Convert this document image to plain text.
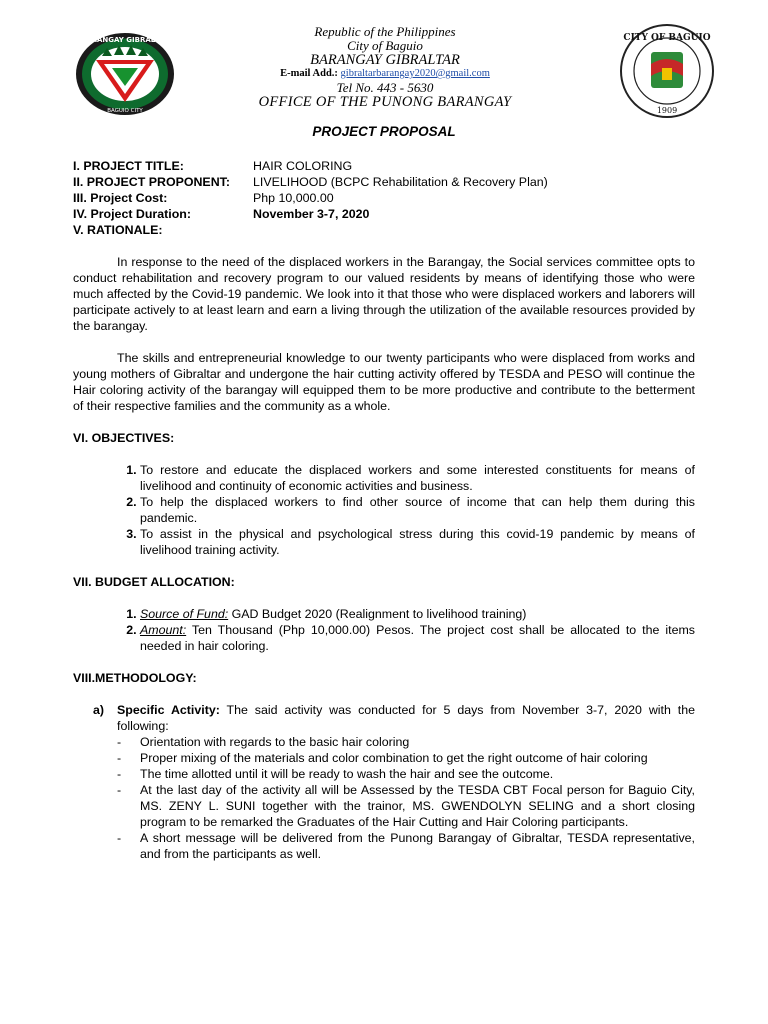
BARANGAY GIBRALTAR
BAGUIO CITY
Republic of the Philippines
City of Baguio
BARANGAY GIBRALTAR
E-mail Add.: gibraltarbarangay2020@gmail.com
Tel No. 443 - 5630
OFFICE OF THE PUNONG BARANGAY
CITY OF BAGUIO
1909
PROJECT PROPOSAL
I. PROJECT TITLE:	HAIR COLORING
II. PROJECT PROPONENT:	LIVELIHOOD (BCPC Rehabilitation & Recovery Plan)
III. Project Cost:	Php 10,000.00
IV. Project Duration:	November 3-7, 2020
V. RATIONALE:

In response to the need of the displaced workers in the Barangay, the Social services committee opts to conduct rehabilitation and recovery program to our valued residents by means of identifying those who were much affected by the Covid-19 pandemic. We look into it that those who were displaced workers and laborers will participate actively to at least learn and earn a living through the utilization of the available resources provided by the barangay.

The skills and entrepreneurial knowledge to our twenty participants who were displaced from works and young mothers of Gibraltar and undergone the hair cutting activity offered by TESDA and PESO will continue the Hair coloring activity of the barangay will equipped them to be more productive and contribute to the betterment of their respective families and the community as a whole.

VI. OBJECTIVES:

1. To restore and educate the displaced workers and some interested constituents for means of livelihood and continuity of economic activities and business.
2. To help the displaced workers to find other source of income that can help them during this pandemic.
3. To assist in the physical and psychological stress during this covid-19 pandemic by means of livelihood training activity.

VII. BUDGET ALLOCATION:

1. Source of Fund: GAD Budget 2020 (Realignment to livelihood training)
2. Amount: Ten Thousand (Php 10,000.00) Pesos. The project cost shall be allocated to the items needed in hair coloring.

VIII.METHODOLOGY:

a)	Specific Activity: The said activity was conducted for 5 days from November 3-7, 2020 with the following:
-	Orientation with regards to the basic hair coloring
-	Proper mixing of the materials and color combination to get the right outcome of hair coloring
-	The time allotted until it will be ready to wash the hair and see the outcome.
-	At the last day of the activity all will be Assessed by the TESDA CBT Focal person for Baguio City, MS. ZENY L. SUNI together with the trainor, MS. GWENDOLYN SELING and a short closing program to be remarked the Graduates of the Hair Cutting and Hair Coloring participants.
-	A short message will be delivered from the Punong Barangay of Gibraltar, TESDA representative, and from the participants as well.
